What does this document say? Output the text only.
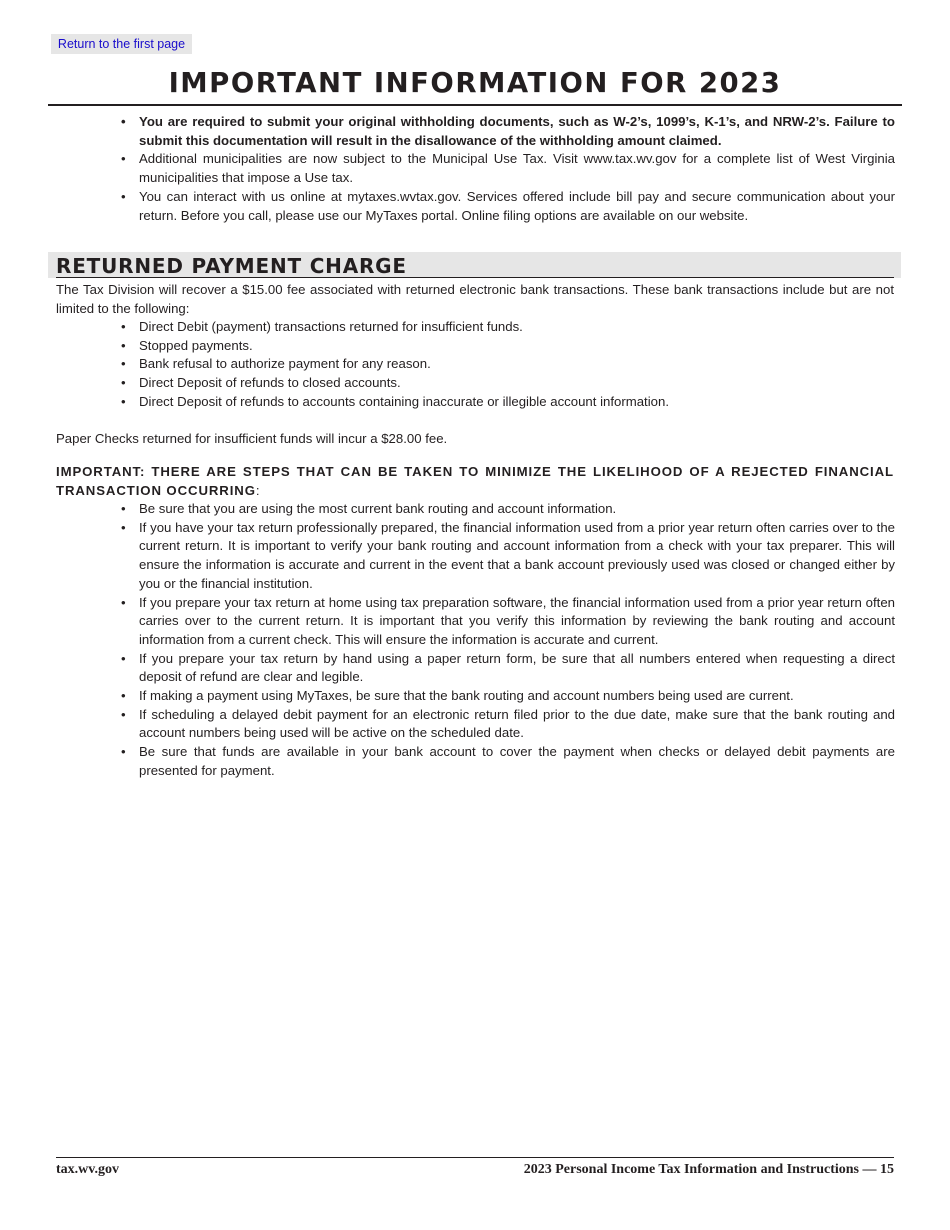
Return to the first page
IMPORTANT INFORMATION FOR 2023
• You are required to submit your original withholding documents, such as W-2’s, 1099’s, K-1’s, and NRW-2’s. Failure to submit this documentation will result in the disallowance of the withholding amount claimed.
• Additional municipalities are now subject to the Municipal Use Tax. Visit www.tax.wv.gov for a complete list of West Virginia municipalities that impose a Use tax.
• You can interact with us online at mytaxes.wvtax.gov. Services offered include bill pay and secure communication about your return. Before you call, please use our MyTaxes portal. Online filing options are available on our website.
RETURNED PAYMENT CHARGE

The Tax Division will recover a $15.00 fee associated with returned electronic bank transactions. These bank transactions include but are not limited to the following:

• Direct Debit (payment) transactions returned for insufficient funds.
• Stopped payments.
• Bank refusal to authorize payment for any reason.
• Direct Deposit of refunds to closed accounts.
• Direct Deposit of refunds to accounts containing inaccurate or illegible account information.

Paper Checks returned for insufficient funds will incur a $28.00 fee.

IMPORTANT: THERE ARE STEPS THAT CAN BE TAKEN TO MINIMIZE THE LIKELIHOOD OF A REJECTED FINANCIAL TRANSACTION OCCURRING:

• Be sure that you are using the most current bank routing and account information.
• If you have your tax return professionally prepared, the financial information used from a prior year return often carries over to the current return. It is important to verify your bank routing and account information from a check with your tax preparer. This will ensure the information is accurate and current in the event that a bank account previously used was closed or changed either by you or the financial institution.
• If you prepare your tax return at home using tax preparation software, the financial information used from a prior year return often carries over to the current return. It is important that you verify this information by reviewing the bank routing and account information from a current check. This will ensure the information is accurate and current.
• If you prepare your tax return by hand using a paper return form, be sure that all numbers entered when requesting a direct deposit of refund are clear and legible.
• If making a payment using MyTaxes, be sure that the bank routing and account numbers being used are current.
• If scheduling a delayed debit payment for an electronic return filed prior to the due date, make sure that the bank routing and account numbers being used will be active on the scheduled date.
• Be sure that funds are available in your bank account to cover the payment when checks or delayed debit payments are presented for payment.
tax.wv.gov	2023 Personal Income Tax Information and Instructions — 15
